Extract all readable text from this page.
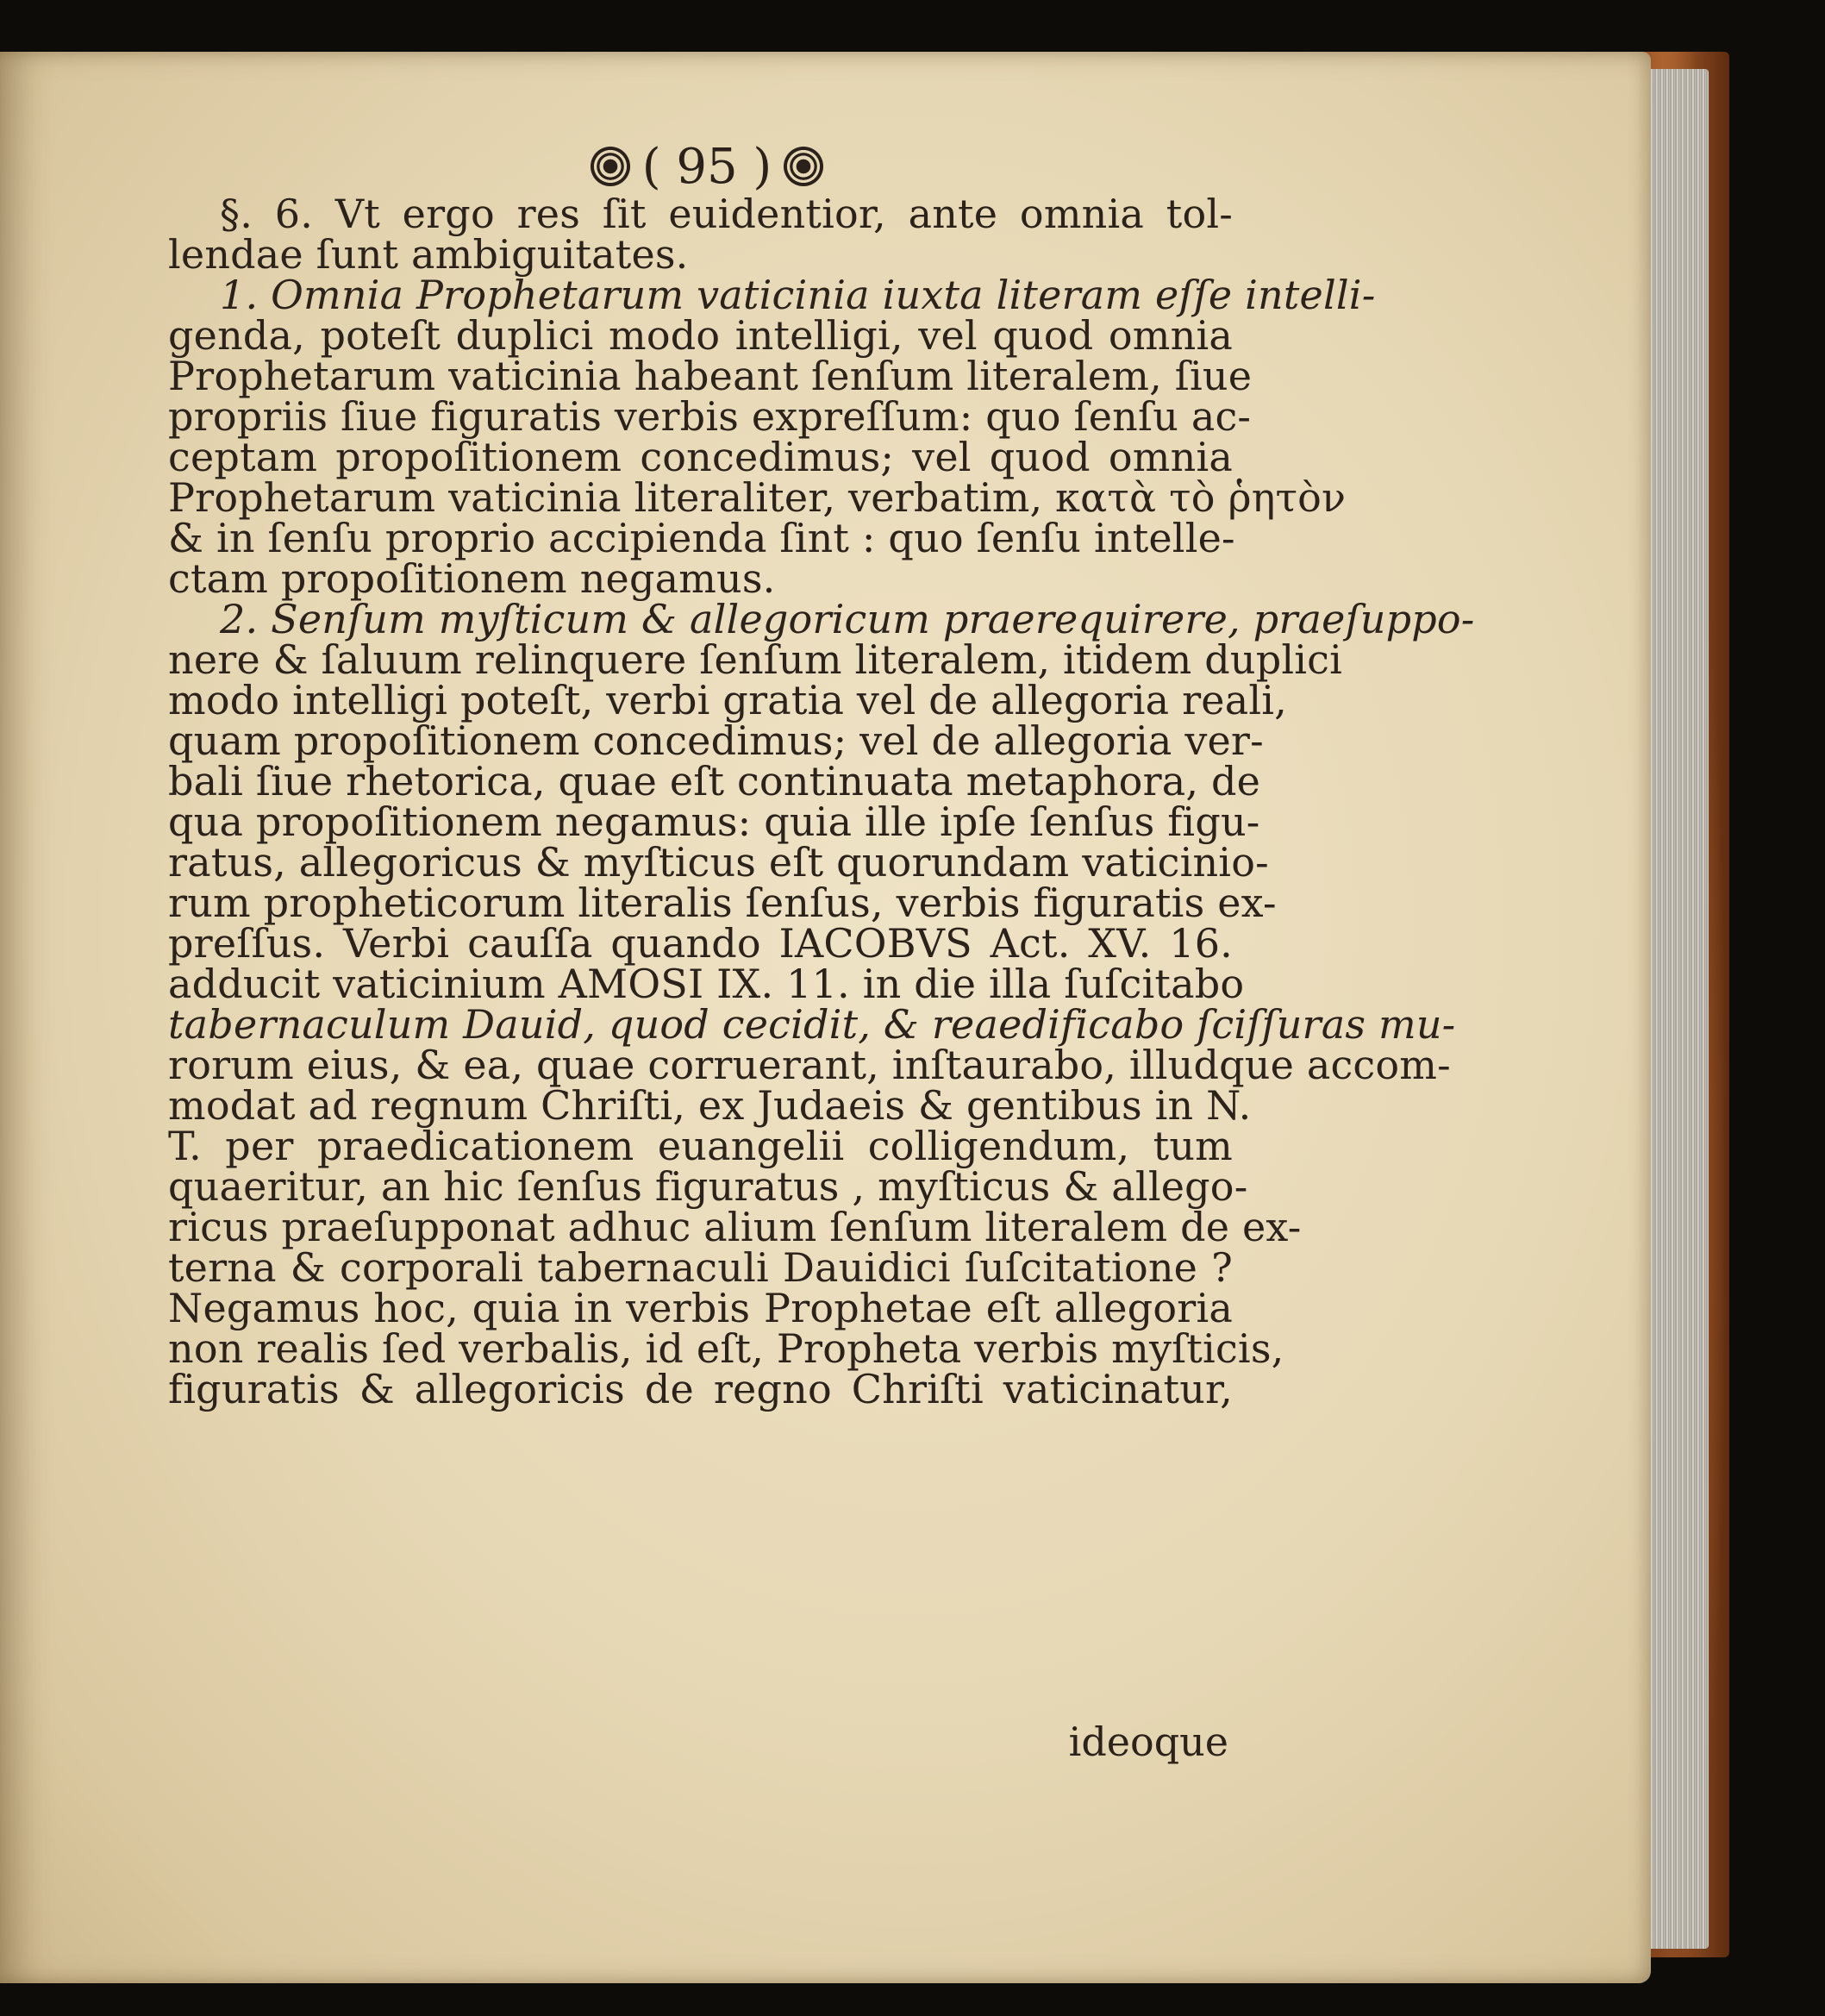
( 95 )
§. 6. Vt ergo res ſit euidentior, ante omnia tol-
lendae ſunt ambiguitates.
1. Omnia Prophetarum vaticinia iuxta literam eſſe intelli-
genda, poteſt duplici modo intelligi, vel quod omnia
Prophetarum vaticinia habeant ſenſum literalem, ſiue
propriis ſiue figuratis verbis expreſſum: quo ſenſu ac-
ceptam propoſitionem concedimus; vel quod omnia
Prophetarum vaticinia literaliter, verbatim, κατὰ τὸ ῥητὸν
& in ſenſu proprio accipienda ſint : quo ſenſu intelle-
ctam propoſitionem negamus.
2. Senſum myſticum & allegoricum praerequirere, praeſuppo-
nere & ſaluum relinquere ſenſum literalem, itidem duplici
modo intelligi poteſt, verbi gratia vel de allegoria reali,
quam propoſitionem concedimus; vel de allegoria ver-
bali ſiue rhetorica, quae eſt continuata metaphora, de
qua propoſitionem negamus: quia ille ipſe ſenſus figu-
ratus, allegoricus & myſticus eſt quorundam vaticinio-
rum propheticorum literalis ſenſus, verbis figuratis ex-
preſſus. Verbi cauſſa quando IACOBVS Act. XV. 16.
adducit vaticinium AMOSI IX. 11. in die illa ſuſcitabo
tabernaculum Dauid, quod cecidit, & reaedificabo ſciſſuras mu-
rorum eius, & ea, quae corruerant, inſtaurabo, illudque accom-
modat ad regnum Chriſti, ex Judaeis & gentibus in N.
T. per praedicationem euangelii colligendum, tum
quaeritur, an hic ſenſus figuratus , myſticus & allego-
ricus praeſupponat adhuc alium ſenſum literalem de ex-
terna & corporali tabernaculi Dauidici ſuſcitatione ?
Negamus hoc, quia in verbis Prophetae eſt allegoria
non realis ſed verbalis, id eſt, Propheta verbis myſticis,
figuratis & allegoricis de regno Chriſti vaticinatur,
ideoque
